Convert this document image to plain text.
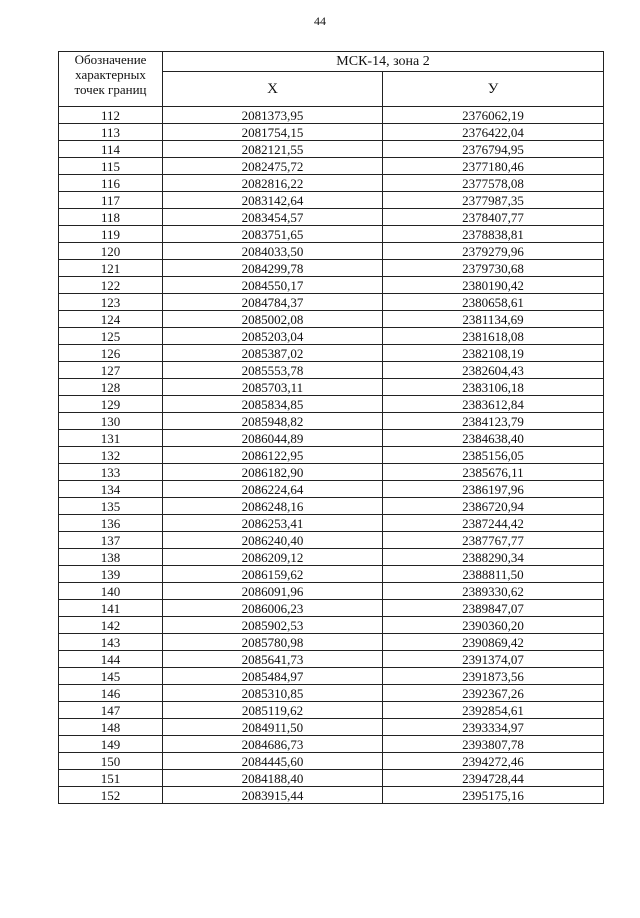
44
Обозначение характерных точек границ	МСК-14, зона 2	
	Х	У
112	2081373,95	2376062,19
113	2081754,15	2376422,04
114	2082121,55	2376794,95
115	2082475,72	2377180,46
116	2082816,22	2377578,08
117	2083142,64	2377987,35
118	2083454,57	2378407,77
119	2083751,65	2378838,81
120	2084033,50	2379279,96
121	2084299,78	2379730,68
122	2084550,17	2380190,42
123	2084784,37	2380658,61
124	2085002,08	2381134,69
125	2085203,04	2381618,08
126	2085387,02	2382108,19
127	2085553,78	2382604,43
128	2085703,11	2383106,18
129	2085834,85	2383612,84
130	2085948,82	2384123,79
131	2086044,89	2384638,40
132	2086122,95	2385156,05
133	2086182,90	2385676,11
134	2086224,64	2386197,96
135	2086248,16	2386720,94
136	2086253,41	2387244,42
137	2086240,40	2387767,77
138	2086209,12	2388290,34
139	2086159,62	2388811,50
140	2086091,96	2389330,62
141	2086006,23	2389847,07
142	2085902,53	2390360,20
143	2085780,98	2390869,42
144	2085641,73	2391374,07
145	2085484,97	2391873,56
146	2085310,85	2392367,26
147	2085119,62	2392854,61
148	2084911,50	2393334,97
149	2084686,73	2393807,78
150	2084445,60	2394272,46
151	2084188,40	2394728,44
152	2083915,44	2395175,16
